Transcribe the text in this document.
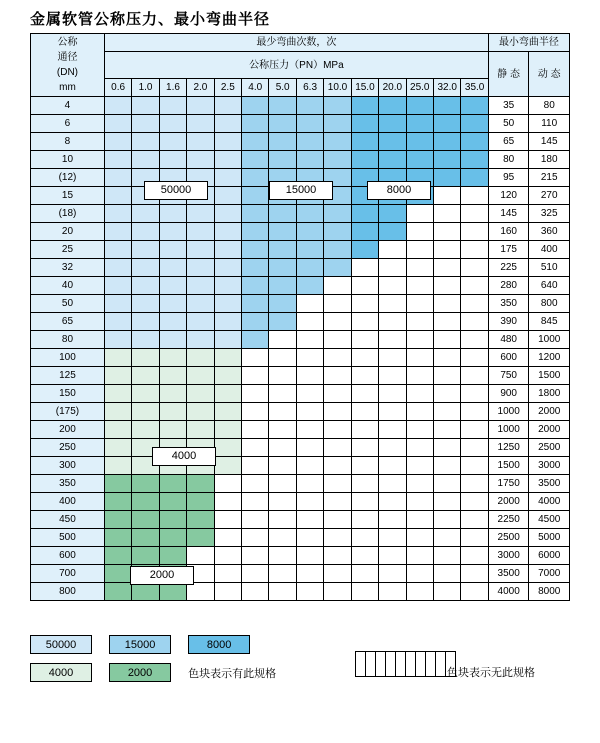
金属软管公称压力、最小弯曲半径
公称
通径
(DN)
mm	最少弯曲次数，次														最小弯曲半径	
	公称压力（PN）MPa														静 态	动 态
	0.6	1.0	1.6	2.0	2.5	4.0	5.0	6.3	10.0	15.0	20.0	25.0	32.0	35.0		
4															35	80
6															50	110
8															65	145
10															80	180
(12)															95	215
15															120	270
(18)															145	325
20															160	360
25															175	400
32															225	510
40															280	640
50															350	800
65															390	845
80															480	1000
100															600	1200
125															750	1500
150															900	1800
(175)															1000	2000
200															1000	2000
250															1250	2500
300															1500	3000
350															1750	3500
400															2000	4000
450															2250	4500
500															2500	5000
600															3000	6000
700															3500	7000
800															4000	8000
50000	15000	8000
4000
2000
50000	15000	8000
4000	2000	色块表示有此规格
										色块表示无此规格
